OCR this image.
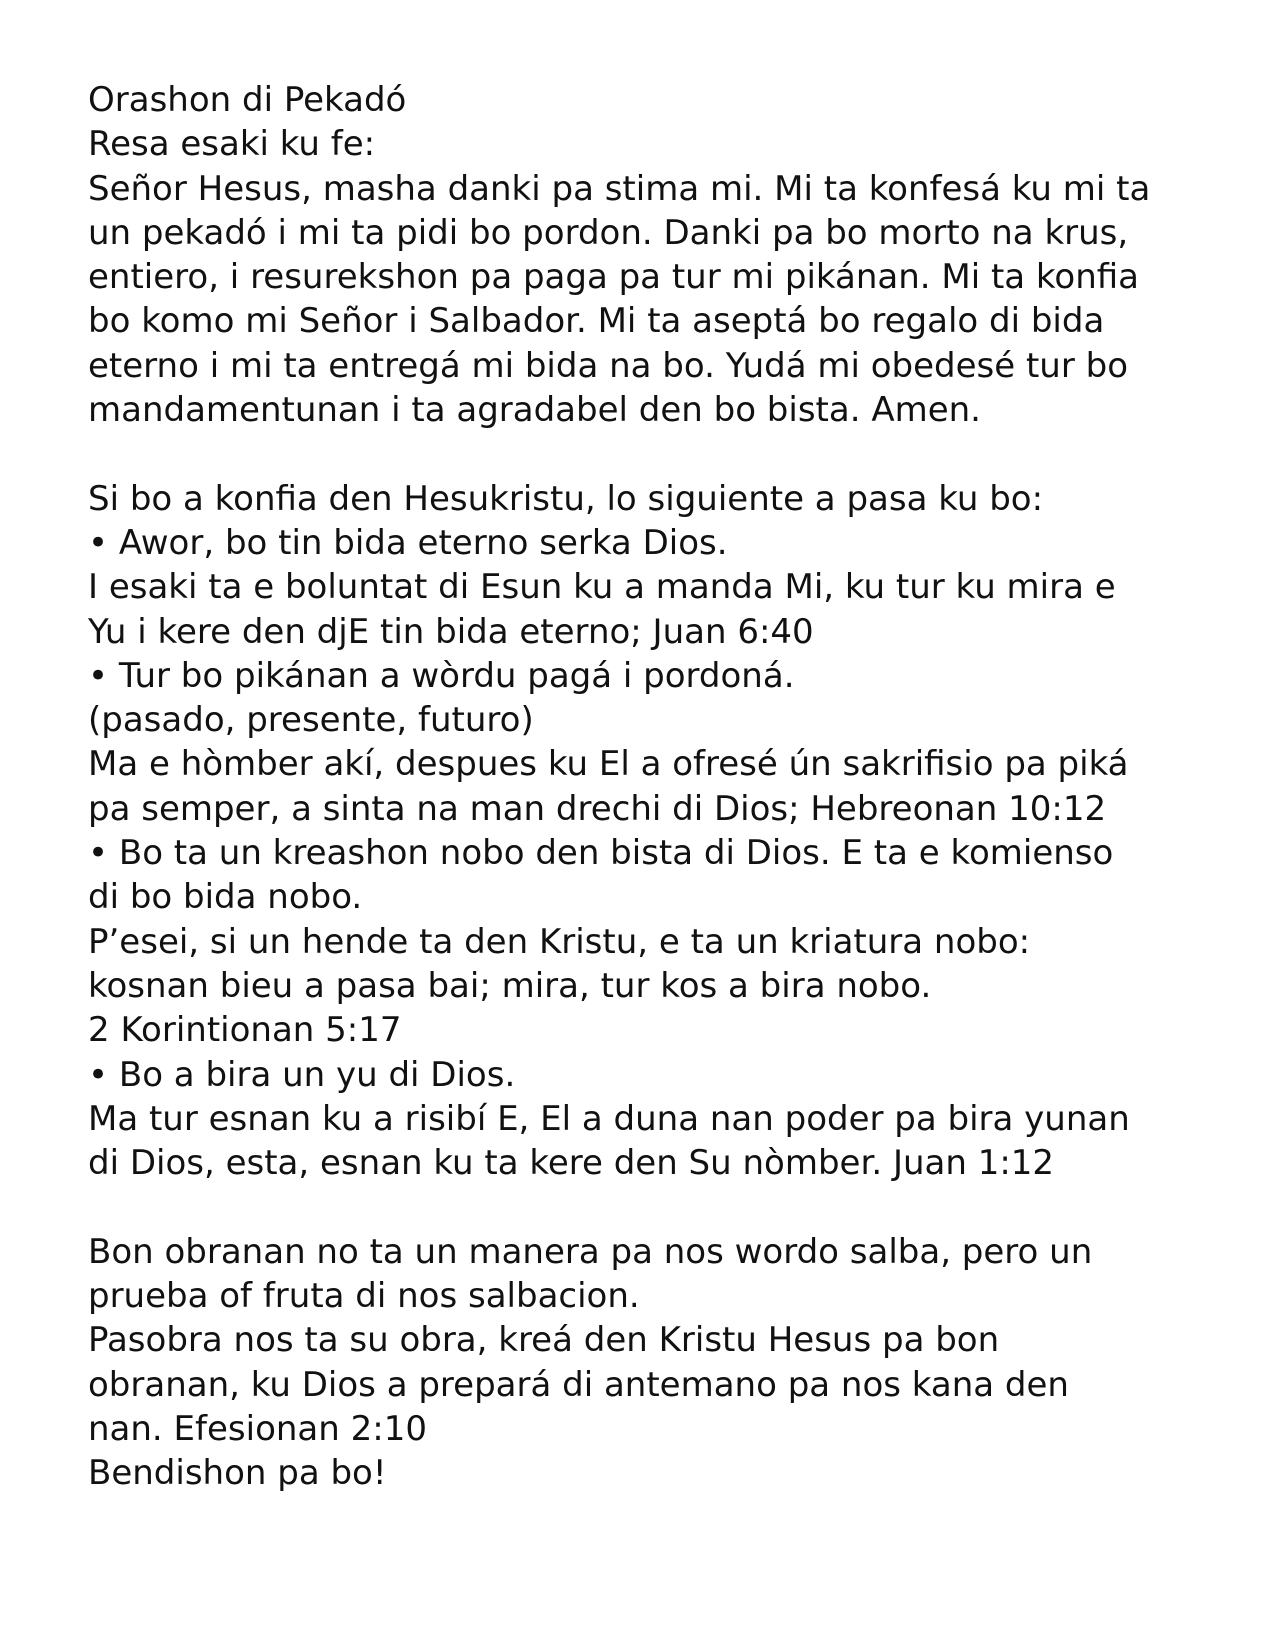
Orashon di Pekadó
Resa esaki ku fe:
Señor Hesus, masha danki pa stima mi. Mi ta konfesá ku mi ta
un pekadó i mi ta pidi bo pordon. Danki pa bo morto na krus,
entiero, i resurekshon pa paga pa tur mi pikánan. Mi ta konfia
bo komo mi Señor i Salbador. Mi ta aseptá bo regalo di bida
eterno i mi ta entregá mi bida na bo. Yudá mi obedesé tur bo
mandamentunan i ta agradabel den bo bista. Amen.
Si bo a konfia den Hesukristu, lo siguiente a pasa ku bo:
• Awor, bo tin bida eterno serka Dios.
I esaki ta e boluntat di Esun ku a manda Mi, ku tur ku mira e
Yu i kere den djE tin bida eterno; Juan 6:40
• Tur bo pikánan a wòrdu pagá i pordoná.
(pasado, presente, futuro)
Ma e hòmber akí, despues ku El a ofresé ún sakrifisio pa piká
pa semper, a sinta na man drechi di Dios; Hebreonan 10:12
• Bo ta un kreashon nobo den bista di Dios. E ta e komienso
di bo bida nobo.
P’esei, si un hende ta den Kristu, e ta un kriatura nobo:
kosnan bieu a pasa bai; mira, tur kos a bira nobo.
2 Korintionan 5:17
• Bo a bira un yu di Dios.
Ma tur esnan ku a risibí E, El a duna nan poder pa bira yunan
di Dios, esta, esnan ku ta kere den Su nòmber. Juan 1:12
Bon obranan no ta un manera pa nos wordo salba, pero un
prueba of fruta di nos salbacion.
Pasobra nos ta su obra, kreá den Kristu Hesus pa bon
obranan, ku Dios a prepará di antemano pa nos kana den
nan. Efesionan 2:10
Bendishon pa bo!
